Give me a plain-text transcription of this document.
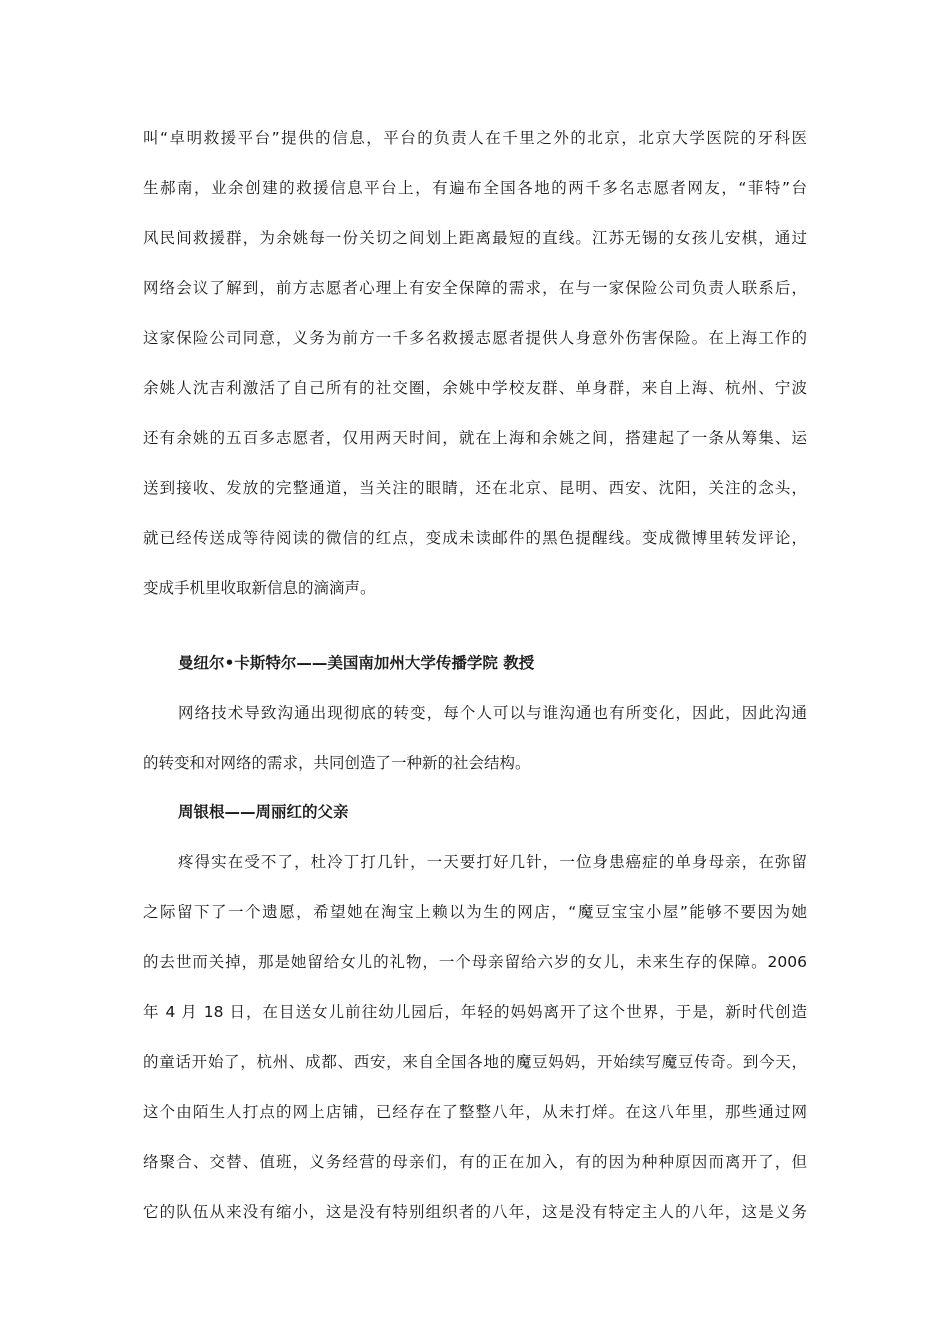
叫“卓明救援平台”提供的信息，平台的负责人在千里之外的北京，北京大学医院的牙科医
生郝南，业余创建的救援信息平台上，有遍布全国各地的两千多名志愿者网友，“菲特”台
风民间救援群，为余姚每一份关切之间划上距离最短的直线。江苏无锡的女孩儿安棋，通过
网络会议了解到，前方志愿者心理上有安全保障的需求，在与一家保险公司负责人联系后，
这家保险公司同意，义务为前方一千多名救援志愿者提供人身意外伤害保险。在上海工作的
余姚人沈吉利激活了自己所有的社交圈，余姚中学校友群、单身群，来自上海、杭州、宁波
还有余姚的五百多志愿者，仅用两天时间，就在上海和余姚之间，搭建起了一条从筹集、运
送到接收、发放的完整通道，当关注的眼睛，还在北京、昆明、西安、沈阳，关注的念头，
就已经传送成等待阅读的微信的红点，变成未读邮件的黑色提醒线。变成微博里转发评论，
变成手机里收取新信息的滴滴声。
曼纽尔•卡斯特尔——美国南加州大学传播学院 教授
网络技术导致沟通出现彻底的转变，每个人可以与谁沟通也有所变化，因此，因此沟通
的转变和对网络的需求，共同创造了一种新的社会结构。
周银根——周丽红的父亲
疼得实在受不了，杜冷丁打几针，一天要打好几针，一位身患癌症的单身母亲，在弥留
之际留下了一个遗愿，希望她在淘宝上赖以为生的网店，“魔豆宝宝小屋”能够不要因为她
的去世而关掉，那是她留给女儿的礼物，一个母亲留给六岁的女儿，未来生存的保障。2006
年 4 月 18 日，在目送女儿前往幼儿园后，年轻的妈妈离开了这个世界，于是，新时代创造
的童话开始了，杭州、成都、西安，来自全国各地的魔豆妈妈，开始续写魔豆传奇。到今天，
这个由陌生人打点的网上店铺，已经存在了整整八年，从未打烊。在这八年里，那些通过网
络聚合、交替、值班，义务经营的母亲们，有的正在加入，有的因为种种原因而离开了，但
它的队伍从来没有缩小，这是没有特别组织者的八年，这是没有特定主人的八年，这是义务
